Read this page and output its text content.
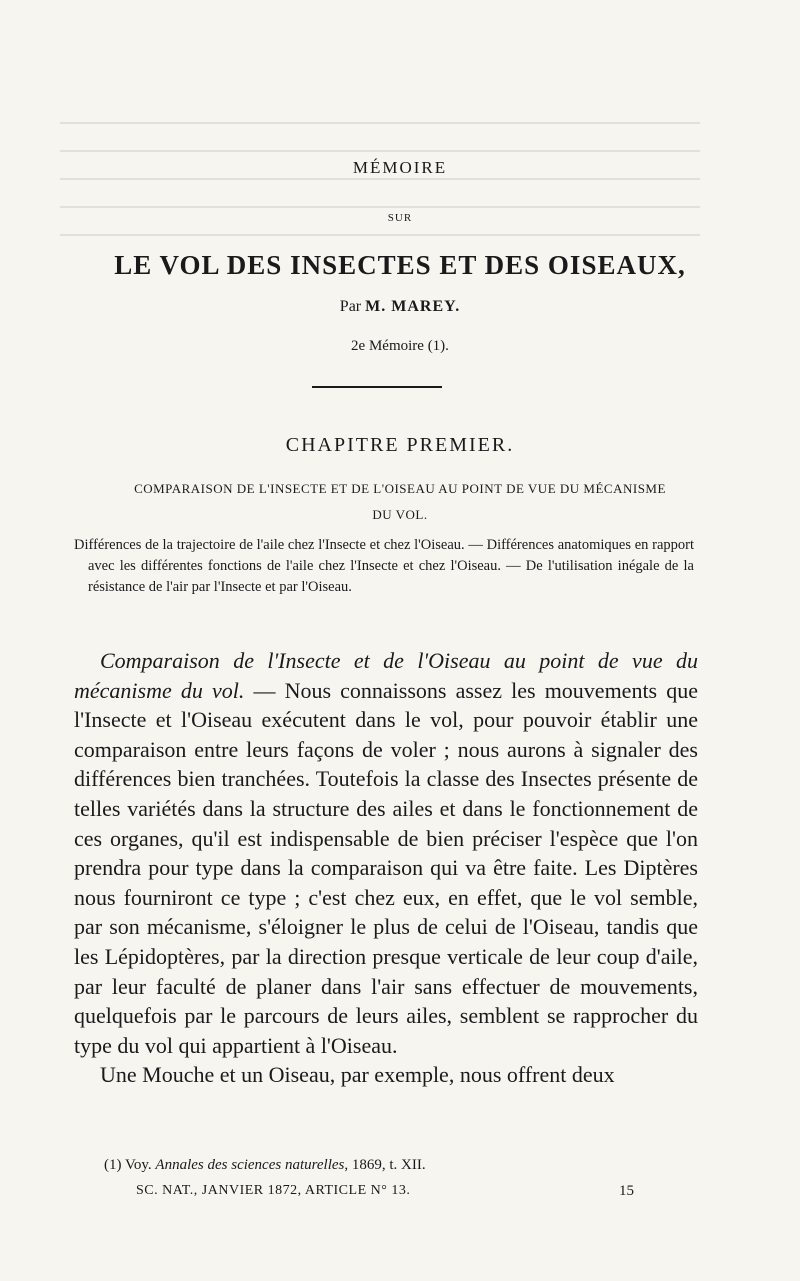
MÉMOIRE
SUR
LE VOL DES INSECTES ET DES OISEAUX,
Par M. MAREY.
2e Mémoire (1).
CHAPITRE PREMIER.
COMPARAISON DE L'INSECTE ET DE L'OISEAU AU POINT DE VUE DU MÉCANISME
DU VOL.
Différences de la trajectoire de l'aile chez l'Insecte et chez l'Oiseau. — Différences anatomiques en rapport avec les différentes fonctions de l'aile chez l'Insecte et chez l'Oiseau. — De l'utilisation inégale de la résistance de l'air par l'Insecte et par l'Oiseau.

Comparaison de l'Insecte et de l'Oiseau au point de vue du mécanisme du vol. — Nous connaissons assez les mouvements que l'Insecte et l'Oiseau exécutent dans le vol, pour pouvoir établir une comparaison entre leurs façons de voler ; nous aurons à signaler des différences bien tranchées. Toutefois la classe des Insectes présente de telles variétés dans la structure des ailes et dans le fonctionnement de ces organes, qu'il est indispensable de bien préciser l'espèce que l'on prendra pour type dans la comparaison qui va être faite. Les Diptères nous fourniront ce type ; c'est chez eux, en effet, que le vol semble, par son mécanisme, s'éloigner le plus de celui de l'Oiseau, tandis que les Lépidoptères, par la direction presque verticale de leur coup d'aile, par leur faculté de planer dans l'air sans effectuer de mouvements, quelquefois par le parcours de leurs ailes, semblent se rapprocher du type du vol qui appartient à l'Oiseau.

Une Mouche et un Oiseau, par exemple, nous offrent deux

(1) Voy. Annales des sciences naturelles, 1869, t. XII.
SC. NAT., JANVIER 1872, ARTICLE N° 13.	15
